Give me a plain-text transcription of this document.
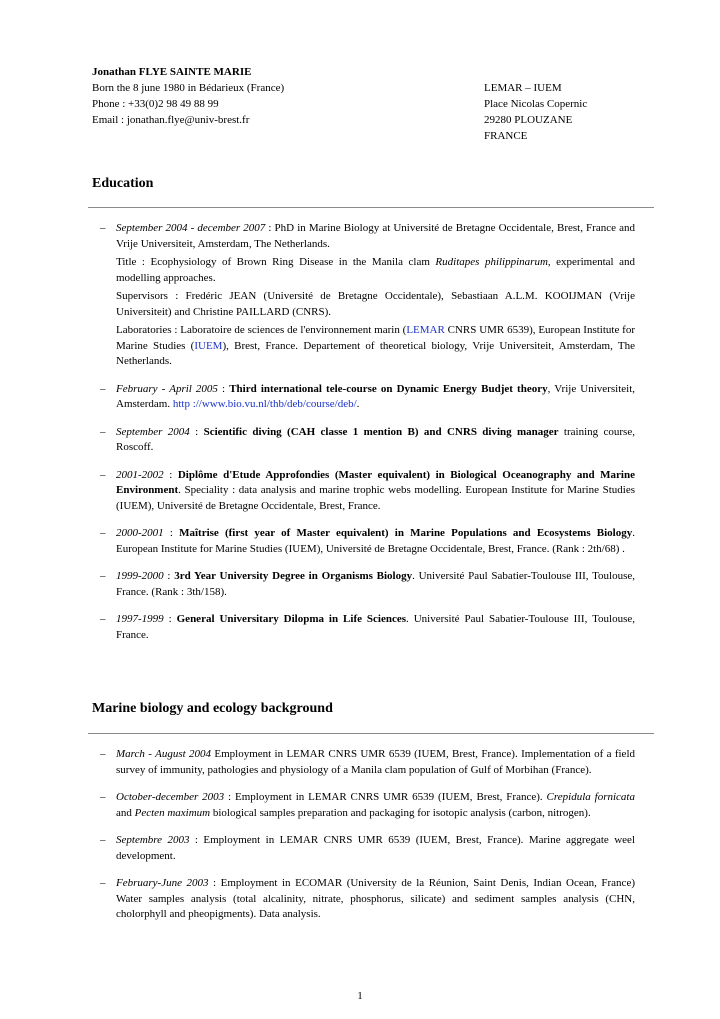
Jonathan FLYE SAINTE MARIE
Born the 8 june 1980 in Bédarieux (France)
Phone : +33(0)2 98 49 88 99
Email : jonathan.flye@univ-brest.fr
LEMAR – IUEM
Place Nicolas Copernic
29280 PLOUZANE
FRANCE
Education
– September 2004 - december 2007 : PhD in Marine Biology at Université de Bretagne Occidentale, Brest, France and Vrije Universiteit, Amsterdam, The Netherlands.

Title : Ecophysiology of Brown Ring Disease in the Manila clam Ruditapes philippinarum, experimental and modelling approaches.

Supervisors : Fredéric JEAN (Université de Bretagne Occidentale), Sebastiaan A.L.M. KOOIJMAN (Vrije Universiteit) and Christine PAILLARD (CNRS).

Laboratories : Laboratoire de sciences de l'environnement marin (LEMAR CNRS UMR 6539), European Institute for Marine Studies (IUEM), Brest, France. Departement of theoretical biology, Vrije Universiteit, Amsterdam, The Netherlands.

– February - April 2005 : Third international tele-course on Dynamic Energy Budjet theory, Vrije Universiteit, Amsterdam. http ://www.bio.vu.nl/thb/deb/course/deb/.

– September 2004 : Scientific diving (CAH classe 1 mention B) and CNRS diving manager training course, Roscoff.

– 2001-2002 : Diplôme d'Etude Approfondies (Master equivalent) in Biological Oceanography and Marine Environment. Speciality : data analysis and marine trophic webs modelling. European Institute for Marine Studies (IUEM), Université de Bretagne Occidentale, Brest, France.

– 2000-2001 : Maîtrise (first year of Master equivalent) in Marine Populations and Ecosystems Biology. European Institute for Marine Studies (IUEM), Université de Bretagne Occidentale, Brest, France. (Rank : 2th/68) .

– 1999-2000 : 3rd Year University Degree in Organisms Biology. Université Paul Sabatier-Toulouse III, Toulouse, France. (Rank : 3th/158).

– 1997-1999 : General Universitary Dilopma in Life Sciences. Université Paul Sabatier-Toulouse III, Toulouse, France.

Marine biology and ecology background
– March - August 2004 Employment in LEMAR CNRS UMR 6539 (IUEM, Brest, France). Implementation of a field survey of immunity, pathologies and physiology of a Manila clam population of Gulf of Morbihan (France).

– October-december 2003 : Employment in LEMAR CNRS UMR 6539 (IUEM, Brest, France). Crepidula fornicata and Pecten maximum biological samples preparation and packaging for isotopic analysis (carbon, nitrogen).

– Septembre 2003 : Employment in LEMAR CNRS UMR 6539 (IUEM, Brest, France). Marine aggregate weel development.

– February-June 2003 : Employment in ECOMAR (University de la Réunion, Saint Denis, Indian Ocean, France) Water samples analysis (total alcalinity, nitrate, phosphorus, silicate) and sediment samples analysis (CHN, cholorphyll and pheopigments). Data analysis.

1
